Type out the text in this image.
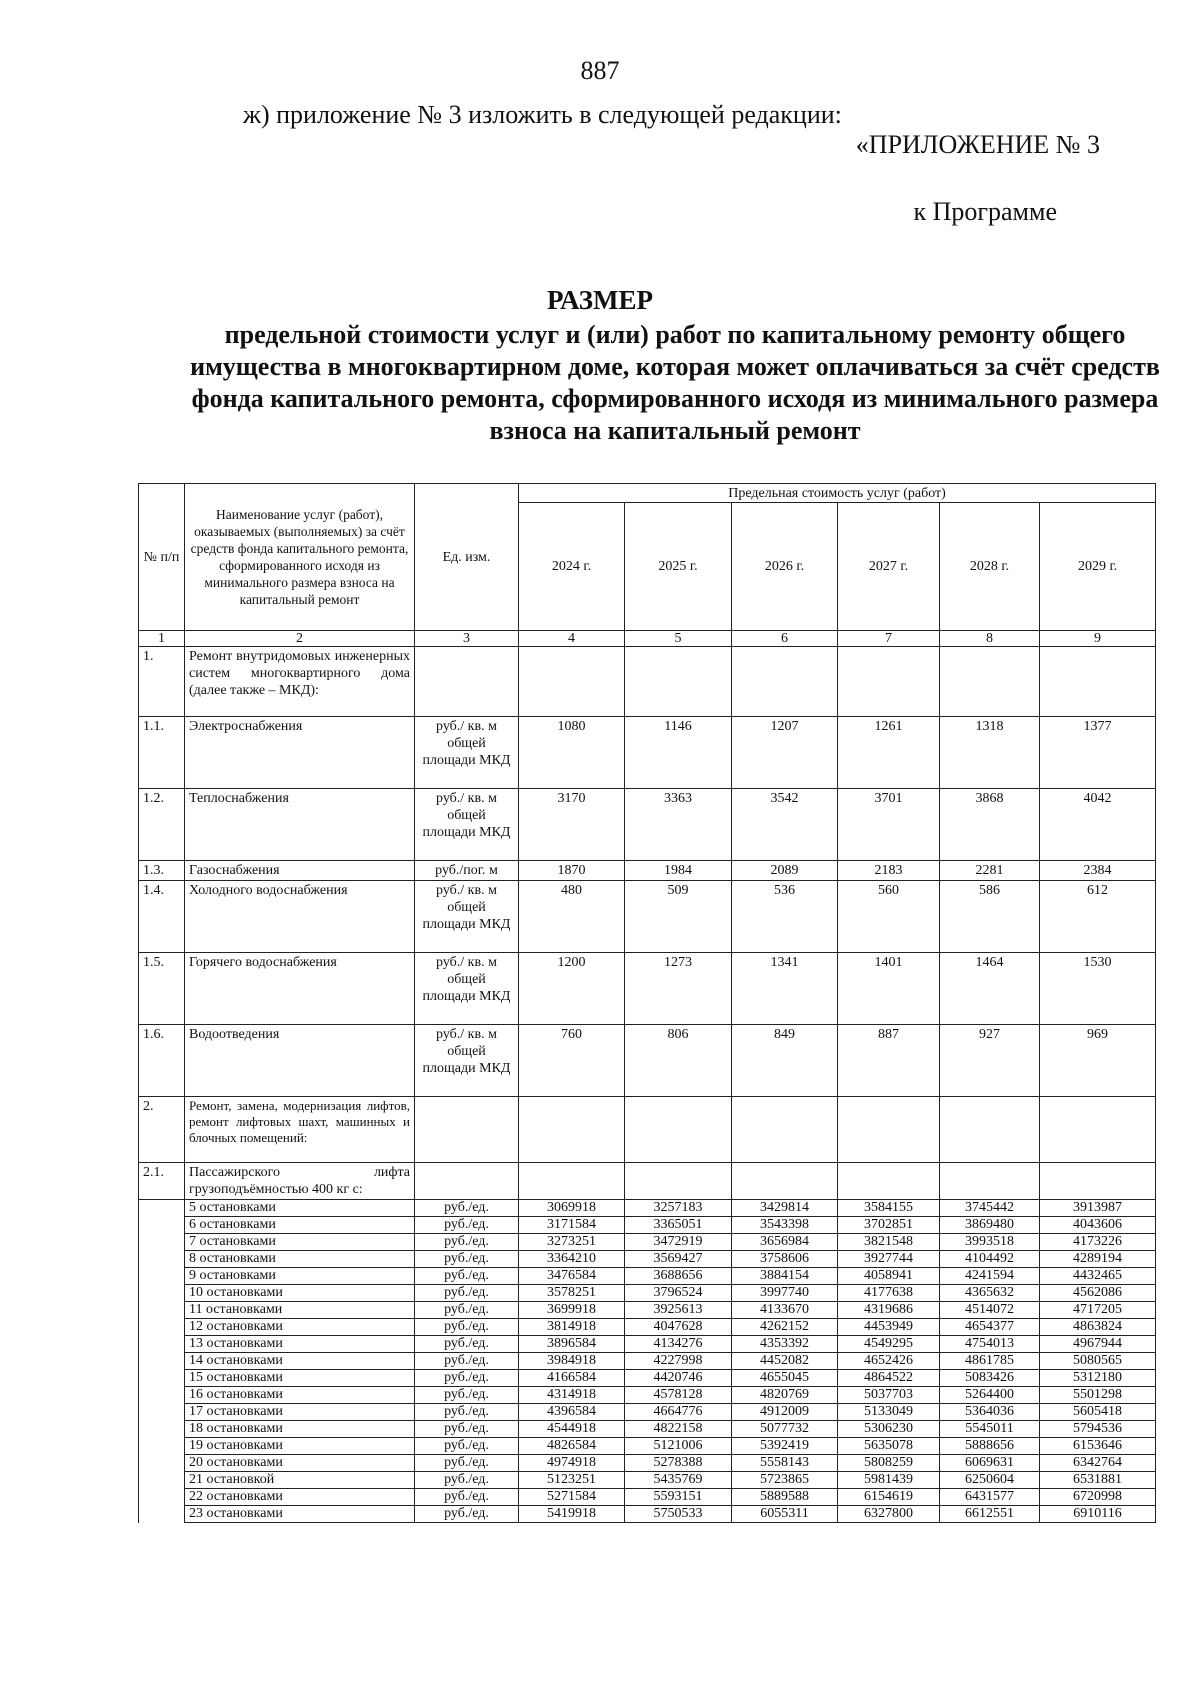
887
ж) приложение № 3 изложить в следующей редакции:
«ПРИЛОЖЕНИЕ № 3
к Программе
РАЗМЕР
предельной стоимости услуг и (или) работ по капитальному ремонту общего имущества в многоквартирном доме, которая может оплачиваться за счёт средств фонда капитального ремонта, сформированного исходя из минимального размера взноса на капитальный ремонт
№ п/п	Наименование услуг (работ), оказываемых (выполняемых) за счёт средств фонда капитального ремонта, сформированного исходя из минимального размера взноса на капитальный ремонт	Ед. изм.	Предельная стоимость услуг (работ)					
			2024 г.	2025 г.	2026 г.	2027 г.	2028 г.	2029 г.
1	2	3	4	5	6	7	8	9
1.	Ремонт внутридомовых инженерных систем многоквартирного дома (далее также – МКД):							
1.1.	Электроснабжения	руб./ кв. м общей площади МКД	1080	1146	1207	1261	1318	1377
1.2.	Теплоснабжения	руб./ кв. м общей площади МКД	3170	3363	3542	3701	3868	4042
1.3.	Газоснабжения	руб./пог. м	1870	1984	2089	2183	2281	2384
1.4.	Холодного водоснабжения	руб./ кв. м общей площади МКД	480	509	536	560	586	612
1.5.	Горячего водоснабжения	руб./ кв. м общей площади МКД	1200	1273	1341	1401	1464	1530
1.6.	Водоотведения	руб./ кв. м общей площади МКД	760	806	849	887	927	969
2.	Ремонт, замена, модернизация лифтов, ремонт лифтовых шахт, машинных и блочных помещений:							
2.1.	Пассажирского лифта грузоподъёмностью 400 кг с:							
	5 остановками	руб./ед.	3069918	3257183	3429814	3584155	3745442	3913987
	6 остановками	руб./ед.	3171584	3365051	3543398	3702851	3869480	4043606
	7 остановками	руб./ед.	3273251	3472919	3656984	3821548	3993518	4173226
	8 остановками	руб./ед.	3364210	3569427	3758606	3927744	4104492	4289194
	9 остановками	руб./ед.	3476584	3688656	3884154	4058941	4241594	4432465
	10 остановками	руб./ед.	3578251	3796524	3997740	4177638	4365632	4562086
	11 остановками	руб./ед.	3699918	3925613	4133670	4319686	4514072	4717205
	12 остановками	руб./ед.	3814918	4047628	4262152	4453949	4654377	4863824
	13 остановками	руб./ед.	3896584	4134276	4353392	4549295	4754013	4967944
	14 остановками	руб./ед.	3984918	4227998	4452082	4652426	4861785	5080565
	15 остановками	руб./ед.	4166584	4420746	4655045	4864522	5083426	5312180
	16 остановками	руб./ед.	4314918	4578128	4820769	5037703	5264400	5501298
	17 остановками	руб./ед.	4396584	4664776	4912009	5133049	5364036	5605418
	18 остановками	руб./ед.	4544918	4822158	5077732	5306230	5545011	5794536
	19 остановками	руб./ед.	4826584	5121006	5392419	5635078	5888656	6153646
	20 остановками	руб./ед.	4974918	5278388	5558143	5808259	6069631	6342764
	21 остановкой	руб./ед.	5123251	5435769	5723865	5981439	6250604	6531881
	22 остановками	руб./ед.	5271584	5593151	5889588	6154619	6431577	6720998
	23 остановками	руб./ед.	5419918	5750533	6055311	6327800	6612551	6910116
